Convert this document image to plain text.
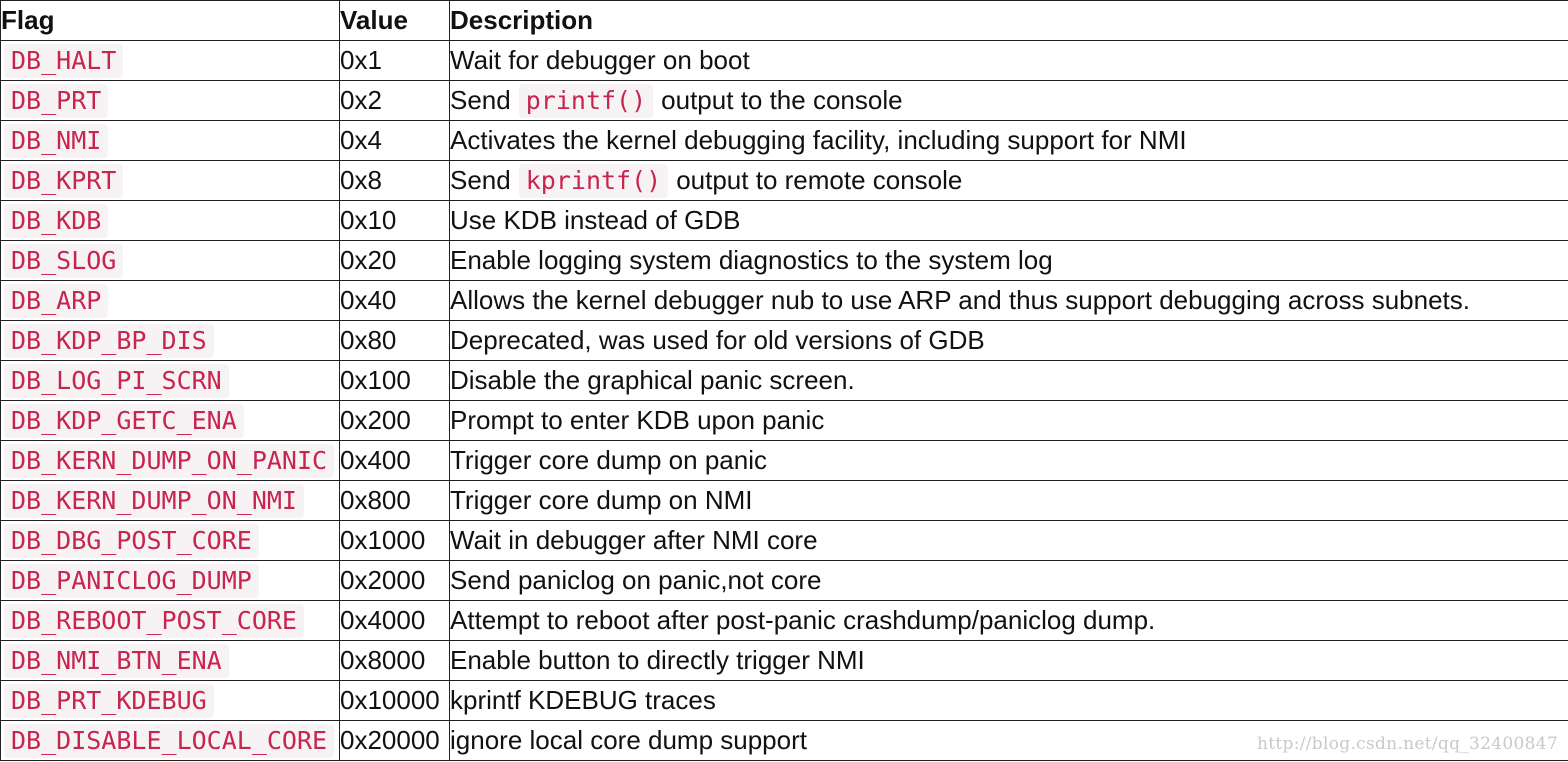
Flag	Value	Description
DB_HALT	0x1	Wait for debugger on boot
DB_PRT	0x2	Send printf() output to the console
DB_NMI	0x4	Activates the kernel debugging facility, including support for NMI
DB_KPRT	0x8	Send kprintf() output to remote console
DB_KDB	0x10	Use KDB instead of GDB
DB_SLOG	0x20	Enable logging system diagnostics to the system log
DB_ARP	0x40	Allows the kernel debugger nub to use ARP and thus support debugging across subnets.
DB_KDP_BP_DIS	0x80	Deprecated, was used for old versions of GDB
DB_LOG_PI_SCRN	0x100	Disable the graphical panic screen.
DB_KDP_GETC_ENA	0x200	Prompt to enter KDB upon panic
DB_KERN_DUMP_ON_PANIC	0x400	Trigger core dump on panic
DB_KERN_DUMP_ON_NMI	0x800	Trigger core dump on NMI
DB_DBG_POST_CORE	0x1000	Wait in debugger after NMI core
DB_PANICLOG_DUMP	0x2000	Send paniclog on panic,not core
DB_REBOOT_POST_CORE	0x4000	Attempt to reboot after post-panic crashdump/paniclog dump.
DB_NMI_BTN_ENA	0x8000	Enable button to directly trigger NMI
DB_PRT_KDEBUG	0x10000	kprintf KDEBUG traces
DB_DISABLE_LOCAL_CORE	0x20000	ignore local core dump support	http://blog.csdn.net/qq_32400847
